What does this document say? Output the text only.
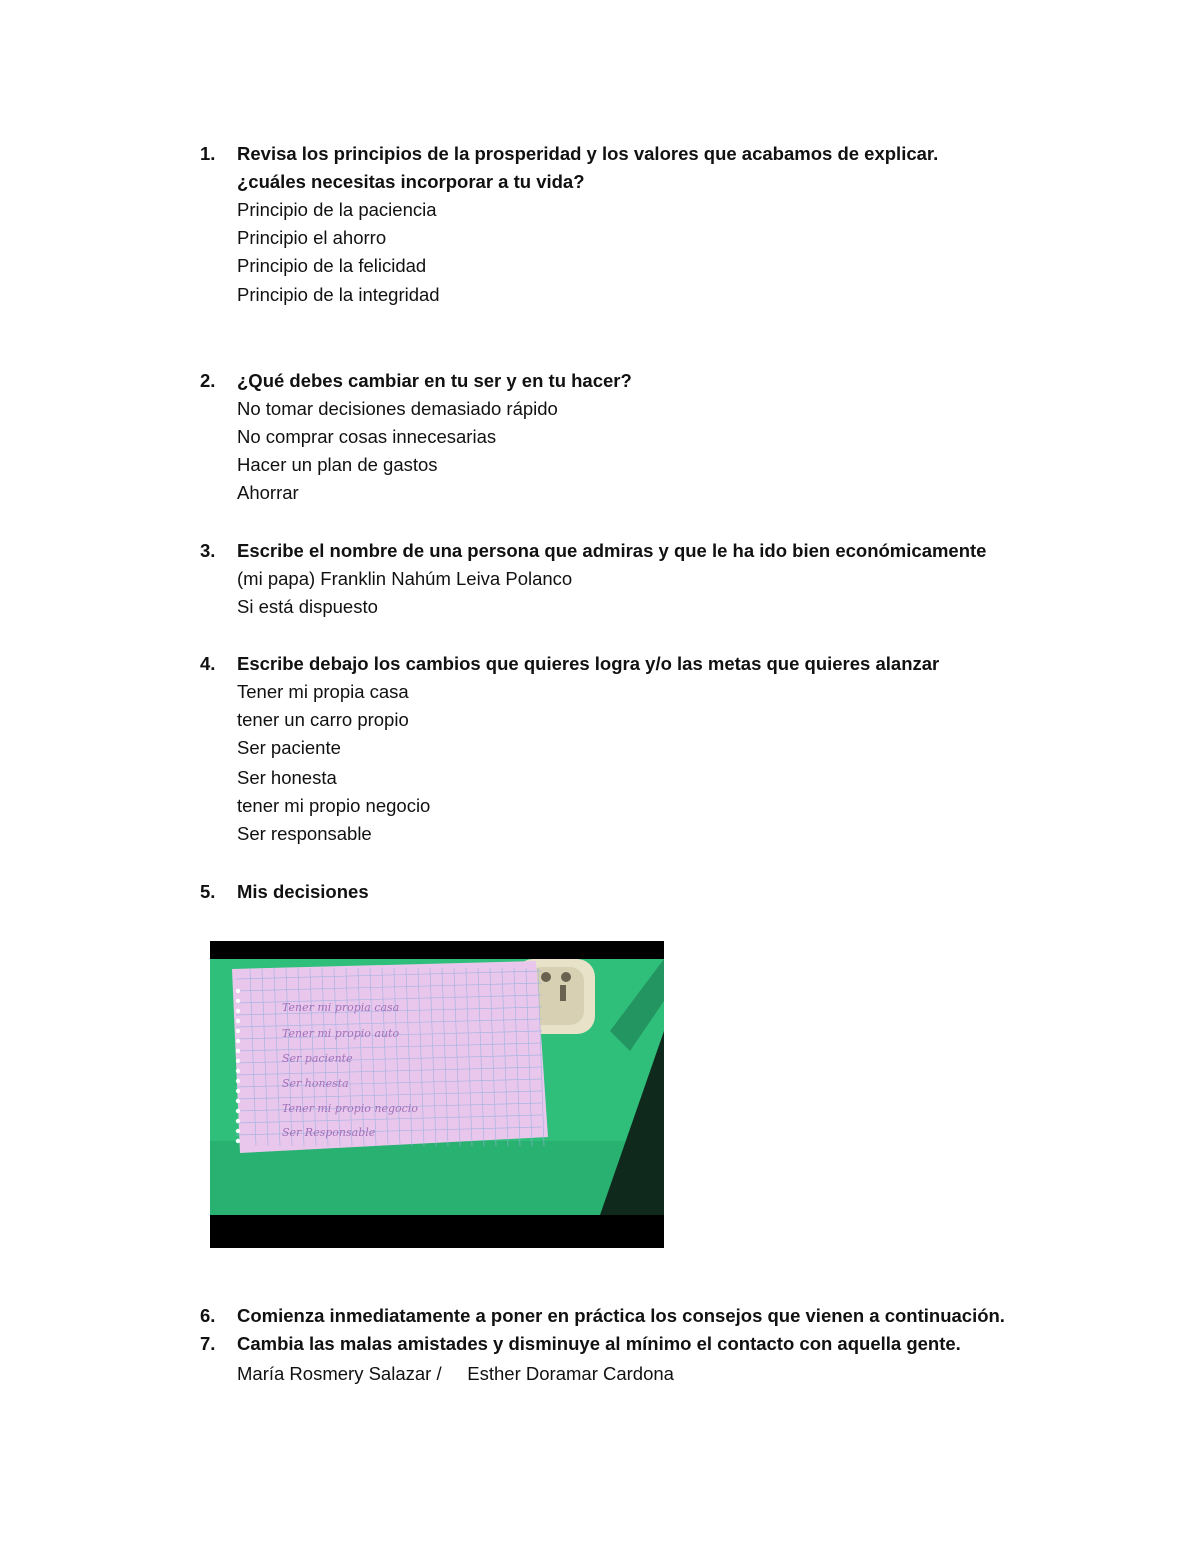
1. Revisa los principios de la prosperidad y los valores que acabamos de explicar.
¿cuáles necesitas incorporar a tu vida?
Principio de la paciencia
Principio el ahorro
Principio de la felicidad
Principio de la integridad
2. ¿Qué debes cambiar en tu ser y en tu hacer?
No tomar decisiones demasiado rápido
No comprar cosas innecesarias
Hacer un plan de gastos
Ahorrar
3. Escribe el nombre de una persona que admiras y que le ha ido bien económicamente
(mi papa) Franklin Nahúm Leiva Polanco
Si está dispuesto
4. Escribe debajo los cambios que quieres logra y/o las metas que quieres alanzar
Tener mi propia casa
tener un carro propio
Ser paciente
Ser honesta
tener mi propio negocio
Ser responsable
5. Mis decisiones
Tener mi propia casa
Tener mi propio auto
Ser paciente
Ser honesta
Tener mi propio negocio
Ser Responsable
6. Comienza inmediatamente a poner en práctica los consejos que vienen a continuación.
7. Cambia las malas amistades y disminuye al mínimo el contacto con aquella gente.
María Rosmery Salazar /     Esther Doramar Cardona
